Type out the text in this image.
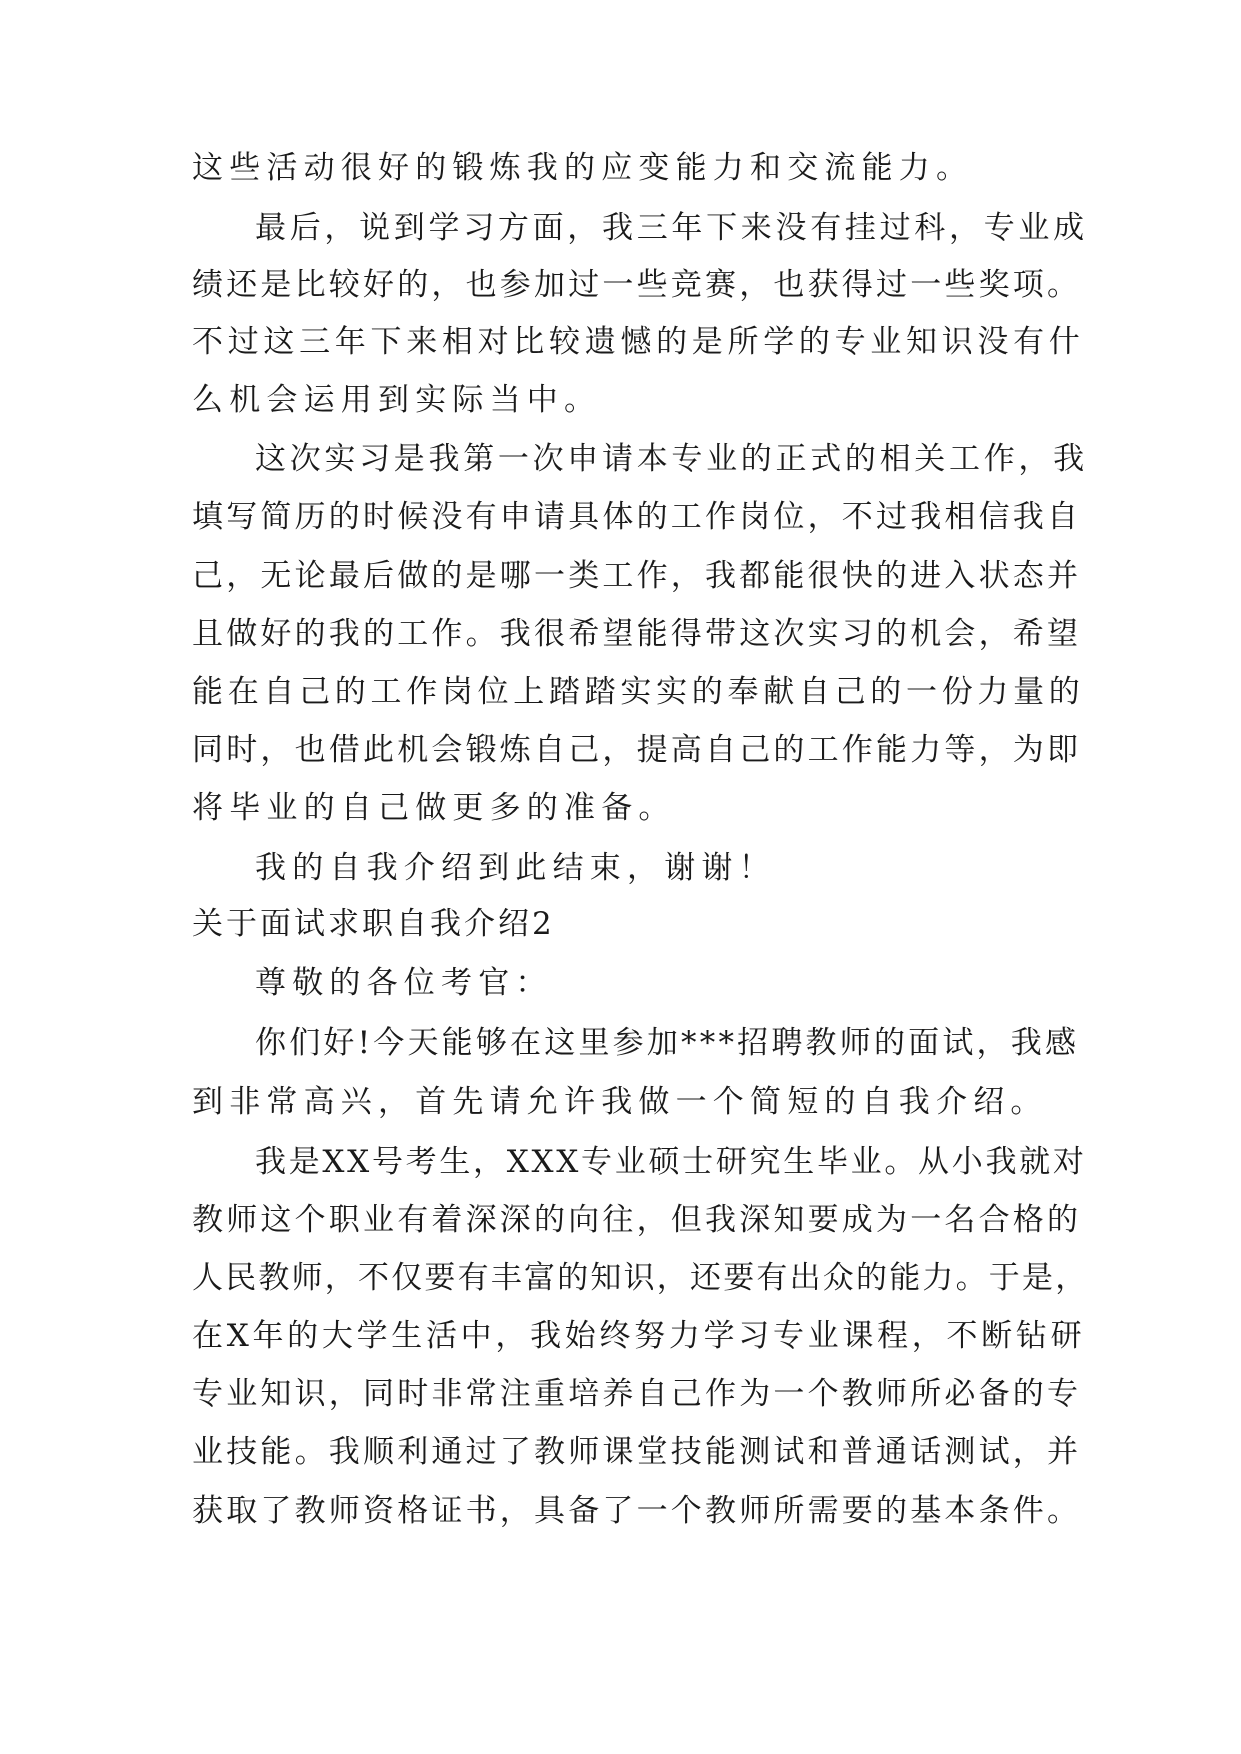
这些活动很好的锻炼我的应变能力和交流能力。
最后，说到学习方面，我三年下来没有挂过科，专业成
绩还是比较好的，也参加过一些竞赛，也获得过一些奖项。
不过这三年下来相对比较遗憾的是所学的专业知识没有什
么机会运用到实际当中。
这次实习是我第一次申请本专业的正式的相关工作，我
填写简历的时候没有申请具体的工作岗位，不过我相信我自
己，无论最后做的是哪一类工作，我都能很快的进入状态并
且做好的我的工作。我很希望能得带这次实习的机会，希望
能在自己的工作岗位上踏踏实实的奉献自己的一份力量的
同时，也借此机会锻炼自己，提高自己的工作能力等，为即
将毕业的自己做更多的准备。
我的自我介绍到此结束，谢谢！
关于面试求职自我介绍2
尊敬的各位考官：
你们好!今天能够在这里参加***招聘教师的面试，我感
到非常高兴，首先请允许我做一个简短的自我介绍。
我是XX号考生，XXX专业硕士研究生毕业。从小我就对
教师这个职业有着深深的向往，但我深知要成为一名合格的
人民教师，不仅要有丰富的知识，还要有出众的能力。于是，
在X年的大学生活中，我始终努力学习专业课程，不断钻研
专业知识，同时非常注重培养自己作为一个教师所必备的专
业技能。我顺利通过了教师课堂技能测试和普通话测试，并
获取了教师资格证书，具备了一个教师所需要的基本条件。
